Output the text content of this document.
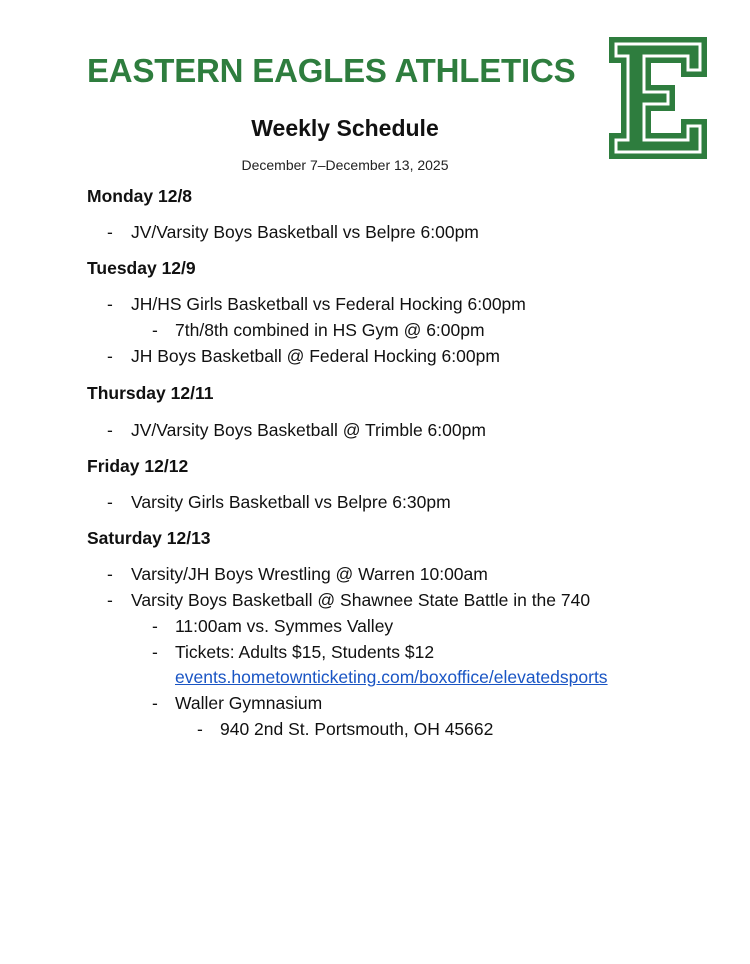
EASTERN EAGLES ATHLETICS
Weekly Schedule
December 7–December 13, 2025
Monday 12/8
- JV/Varsity Boys Basketball vs Belpre 6:00pm
Tuesday 12/9
- JH/HS Girls Basketball vs Federal Hocking 6:00pm
- 7th/8th combined in HS Gym @ 6:00pm
- JH Boys Basketball @ Federal Hocking 6:00pm
Thursday 12/11
- JV/Varsity Boys Basketball @ Trimble 6:00pm
Friday 12/12
- Varsity Girls Basketball vs Belpre 6:30pm
Saturday 12/13
- Varsity/JH Boys Wrestling @ Warren 10:00am
- Varsity Boys Basketball @ Shawnee State Battle in the 740
- 11:00am vs. Symmes Valley
- Tickets: Adults $15, Students $12
events.hometownticketing.com/boxoffice/elevatedsports
- Waller Gymnasium
- 940 2nd St. Portsmouth, OH 45662
